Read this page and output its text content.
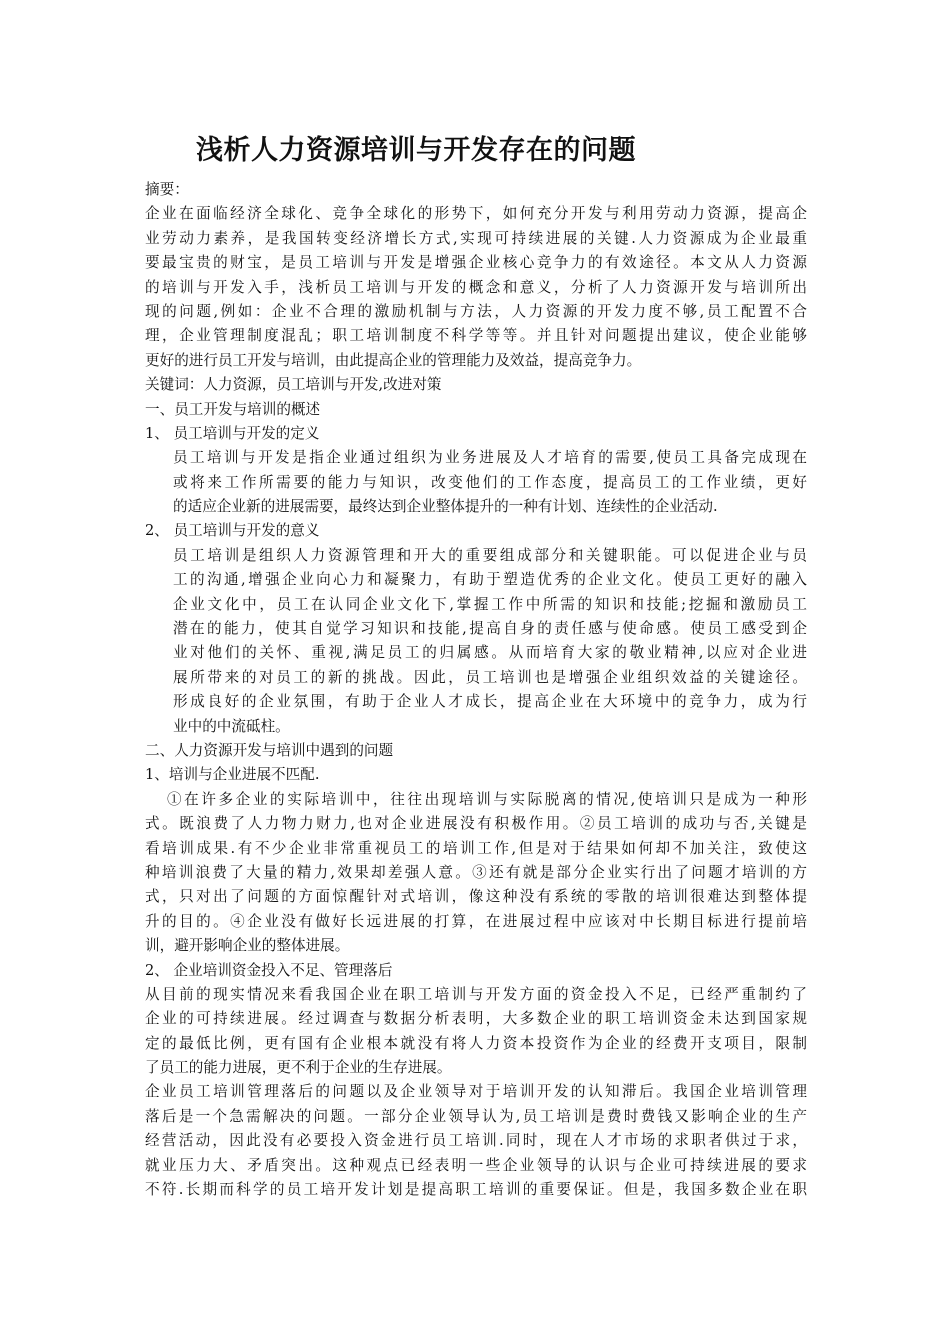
浅析人力资源培训与开发存在的问题
摘要：
企业在面临经济全球化、竞争全球化的形势下，如何充分开发与利用劳动力资源，提高企
业劳动力素养，是我国转变经济增长方式,实现可持续进展的关键.人力资源成为企业最重
要最宝贵的财宝，是员工培训与开发是增强企业核心竞争力的有效途径。本文从人力资源
的培训与开发入手，浅析员工培训与开发的概念和意义，分析了人力资源开发与培训所出
现的问题,例如：企业不合理的激励机制与方法，人力资源的开发力度不够,员工配置不合
理，企业管理制度混乱；职工培训制度不科学等等。并且针对问题提出建议，使企业能够
更好的进行员工开发与培训，由此提高企业的管理能力及效益，提高竞争力。
关键词：人力资源，员工培训与开发,改进对策
一、员工开发与培训的概述
1、 员工培训与开发的定义
员工培训与开发是指企业通过组织为业务进展及人才培育的需要,使员工具备完成现在
或将来工作所需要的能力与知识，改变他们的工作态度，提高员工的工作业绩，更好
的适应企业新的进展需要，最终达到企业整体提升的一种有计划、连续性的企业活动.
2、 员工培训与开发的意义
员工培训是组织人力资源管理和开大的重要组成部分和关键职能。可以促进企业与员
工的沟通,增强企业向心力和凝聚力，有助于塑造优秀的企业文化。使员工更好的融入
企业文化中，员工在认同企业文化下,掌握工作中所需的知识和技能;挖掘和激励员工
潜在的能力，使其自觉学习知识和技能,提高自身的责任感与使命感。使员工感受到企
业对他们的关怀、重视,满足员工的归属感。从而培育大家的敬业精神,以应对企业进
展所带来的对员工的新的挑战。因此，员工培训也是增强企业组织效益的关键途径。
形成良好的企业氛围，有助于企业人才成长，提高企业在大环境中的竞争力，成为行
业中的中流砥柱。
二、人力资源开发与培训中遇到的问题
1、培训与企业进展不匹配.
①在许多企业的实际培训中，往往出现培训与实际脱离的情况,使培训只是成为一种形
式。既浪费了人力物力财力,也对企业进展没有积极作用。②员工培训的成功与否,关键是
看培训成果.有不少企业非常重视员工的培训工作,但是对于结果如何却不加关注，致使这
种培训浪费了大量的精力,效果却差强人意。③还有就是部分企业实行出了问题才培训的方
式，只对出了问题的方面惊醒针对式培训，像这种没有系统的零散的培训很难达到整体提
升的目的。④企业没有做好长远进展的打算，在进展过程中应该对中长期目标进行提前培
训，避开影响企业的整体进展。
2、 企业培训资金投入不足、管理落后
从目前的现实情况来看我国企业在职工培训与开发方面的资金投入不足，已经严重制约了
企业的可持续进展。经过调查与数据分析表明，大多数企业的职工培训资金未达到国家规
定的最低比例，更有国有企业根本就没有将人力资本投资作为企业的经费开支项目，限制
了员工的能力进展，更不利于企业的生存进展。
企业员工培训管理落后的问题以及企业领导对于培训开发的认知滞后。我国企业培训管理
落后是一个急需解决的问题。一部分企业领导认为,员工培训是费时费钱又影响企业的生产
经营活动，因此没有必要投入资金进行员工培训.同时，现在人才市场的求职者供过于求，
就业压力大、矛盾突出。这种观点已经表明一些企业领导的认识与企业可持续进展的要求
不符.长期而科学的员工培开发计划是提高职工培训的重要保证。但是，我国多数企业在职
